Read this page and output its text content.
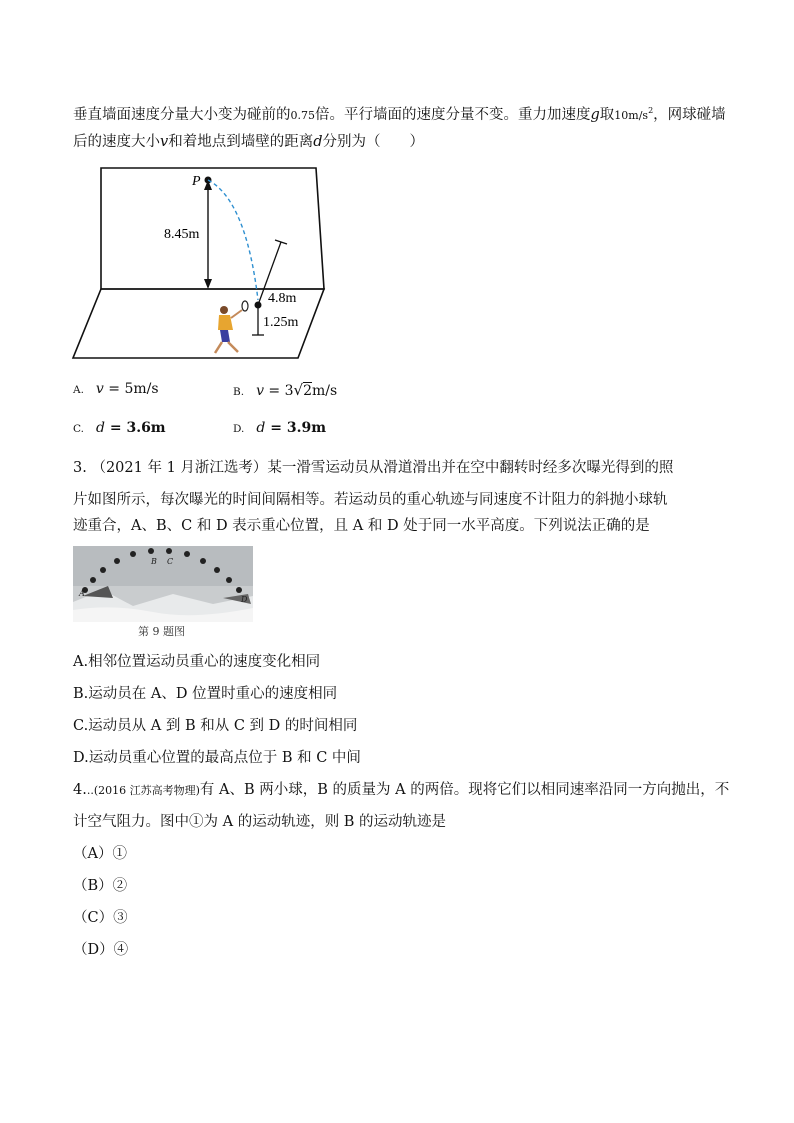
垂直墙面速度分量大小变为碰前的0.75倍。平行墙面的速度分量不变。重力加速度g取$10m/s^2$，网球碰墙
后的速度大小v和着地点到墙壁的距离d分别为（　　）
P
8.45m
4.8m
1.25m
A. v = 5m/s	B. v = 3√2m/s
C. d = 3.6m	D. d = 3.9m
3. （2021 年 1 月浙江选考）某一滑雪运动员从滑道滑出并在空中翻转时经多次曝光得到的照
片如图所示，每次曝光的时间间隔相等。若运动员的重心轨迹与同速度不计阻力的斜抛小球轨
迹重合，A、B、C 和 D 表示重心位置，且 A 和 D 处于同一水平高度。下列说法正确的是
A
B C
D
第 9 题图
A.相邻位置运动员重心的速度变化相同
B.运动员在 A、D 位置时重心的速度相同
C.运动员从 A 到 B 和从 C 到 D 的时间相同
D.运动员重心位置的最高点位于 B 和 C 中间
4...(2016 江苏高考物理)有 A、B 两小球，B 的质量为 A 的两倍。现将它们以相同速率沿同一方向抛出，不
计空气阻力。图中①为 A 的运动轨迹，则 B 的运动轨迹是
（A）①
（B）②
（C）③
（D）④
